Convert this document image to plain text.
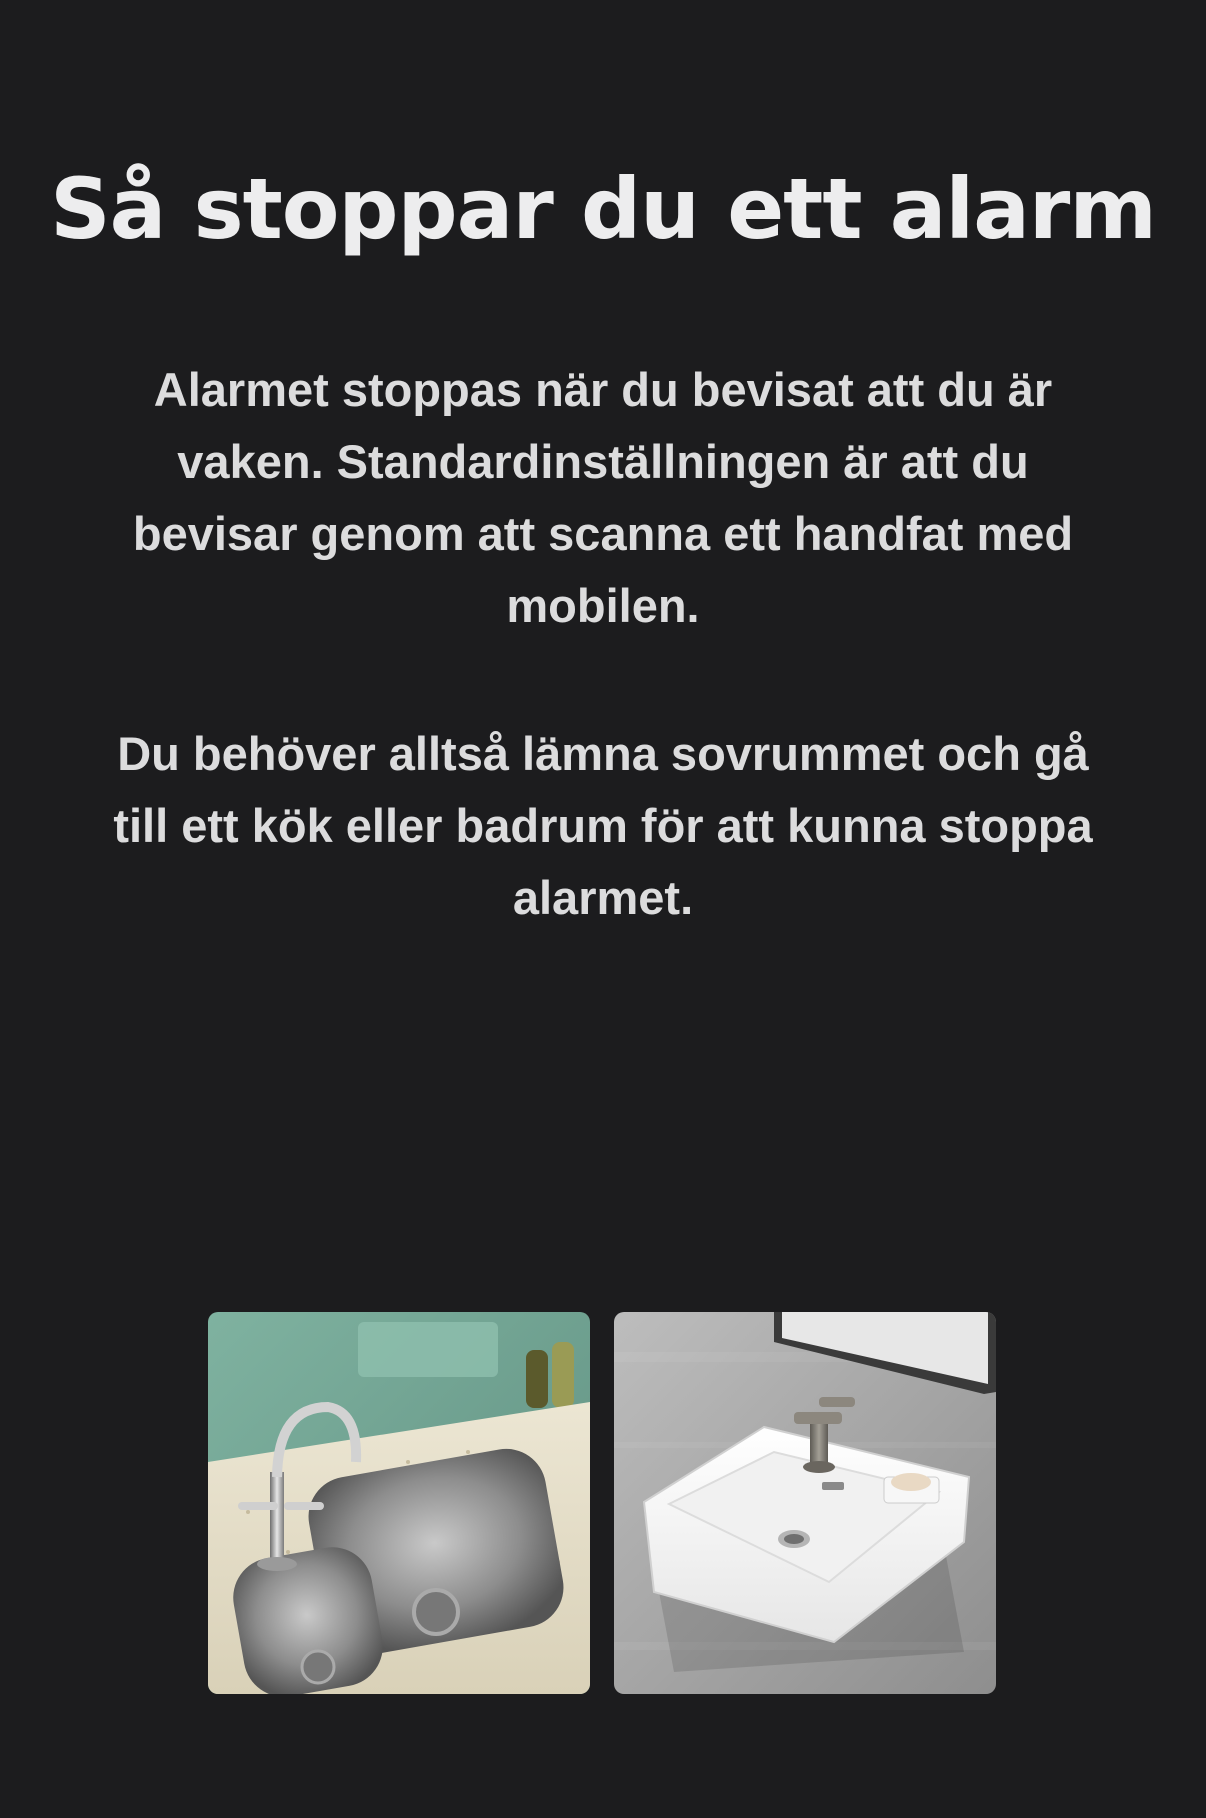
Så stoppar du ett alarm

Alarmet stoppas när du bevisat att du är vaken. Standardinställningen är att du bevisar genom att scanna ett handfat med mobilen.

Du behöver alltså lämna sovrummet och gå till ett kök eller badrum för att kunna stoppa alarmet.
